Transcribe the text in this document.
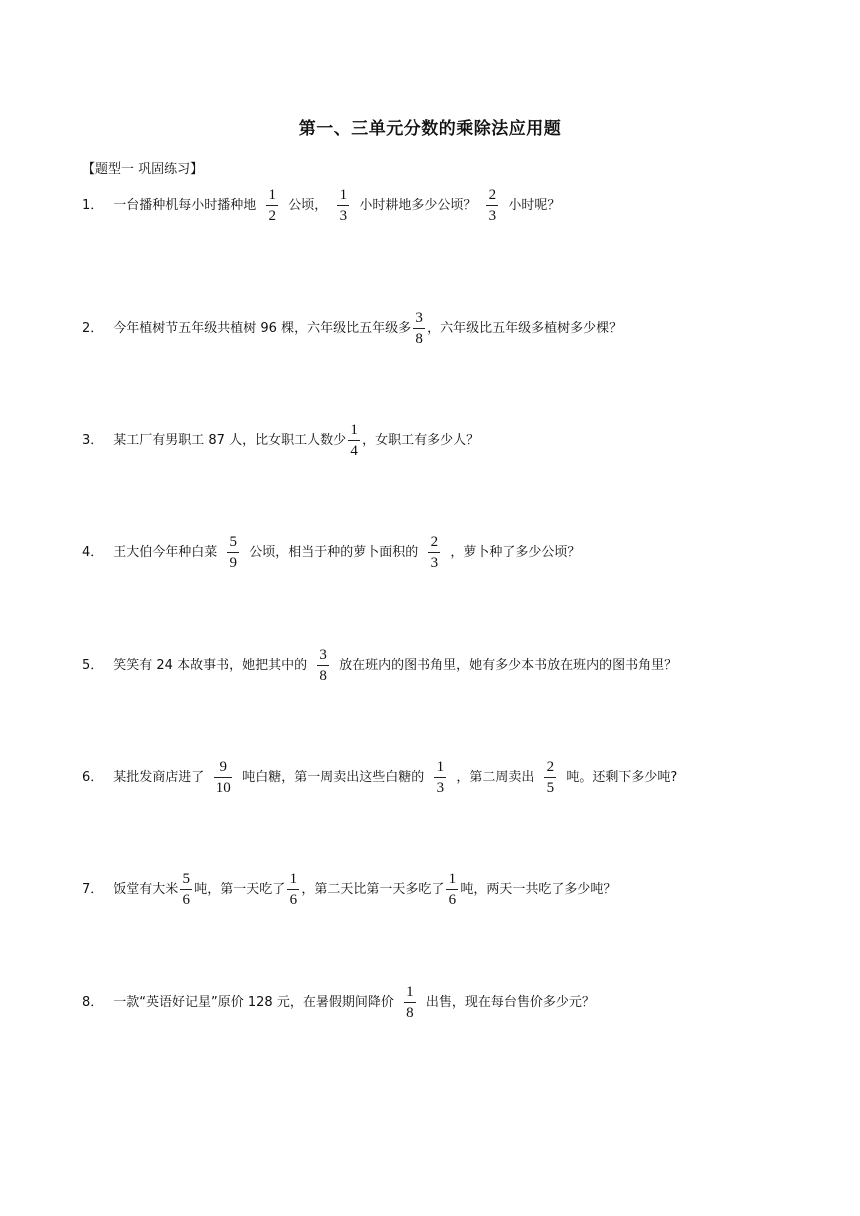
第一、三单元分数的乘除法应用题
【题型一 巩固练习】
1． 一台播种机每小时播种地 $\frac{1}{2}$ 公顷， $\frac{1}{3}$ 小时耕地多少公顷？ $\frac{2}{3}$ 小时呢？
2． 今年植树节五年级共植树 96 棵，六年级比五年级多 $\frac{3}{8}$ ，六年级比五年级多植树多少棵？
3． 某工厂有男职工 87 人，比女职工人数少 $\frac{1}{4}$ ，女职工有多少人？
4． 王大伯今年种白菜 $\frac{5}{9}$ 公顷，相当于种的萝卜面积的 $\frac{2}{3}$ ，萝卜种了多少公顷？
5． 笑笑有 24 本故事书，她把其中的 $\frac{3}{8}$ 放在班内的图书角里，她有多少本书放在班内的图书角里？
6． 某批发商店进了 $\frac{9}{10}$ 吨白糖，第一周卖出这些白糖的 $\frac{1}{3}$ ，第二周卖出 $\frac{2}{5}$ 吨。还剩下多少吨?
7． 饭堂有大米 $\frac{5}{6}$ 吨，第一天吃了 $\frac{1}{6}$ ，第二天比第一天多吃了 $\frac{1}{6}$ 吨，两天一共吃了多少吨？
8． 一款“英语好记星”原价 128 元，在暑假期间降价 $\frac{1}{8}$ 出售，现在每台售价多少元？
